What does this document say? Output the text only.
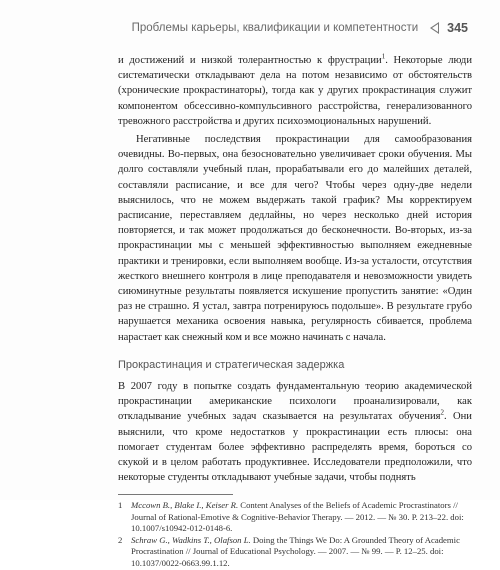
Проблемы карьеры, квалификации и компетентности 345

и достижений и низкой толерантностью к фрустрации$^1$. Некоторые люди систематически откладывают дела на потом независимо от обстоятельств (хронические прокрастинаторы), тогда как у других прокрастинация служит компонентом обсессивно-компульсивного расстройства, генерализованного тревожного расстройства и других психоэмоциональных нарушений.

Негативные последствия прокрастинации для самообразования очевидны. Во-первых, она безосновательно увеличивает сроки обучения. Мы долго составляли учебный план, прорабатывали его до малейших деталей, составляли расписание, и все для чего? Чтобы через одну-две недели выяснилось, что не можем выдержать такой график? Мы корректируем расписание, переставляем дедлайны, но через несколько дней история повторяется, и так может продолжаться до бесконечности. Во-вторых, из-за прокрастинации мы с меньшей эффективностью выполняем ежедневные практики и тренировки, если выполняем вообще. Из-за усталости, отсутствия жесткого внешнего контроля в лице преподавателя и невозможности увидеть сиюминутные результаты появляется искушение пропустить занятие: «Один раз не страшно. Я устал, завтра потренируюсь подольше». В результате грубо нарушается механика освоения навыка, регулярность сбивается, проблема нарастает как снежный ком и все можно начинать с начала.

Прокрастинация и стратегическая задержка

В 2007 году в попытке создать фундаментальную теорию академической прокрастинации американские психологи проанализировали, как откладывание учебных задач сказывается на результатах обучения$^2$. Они выяснили, что кроме недостатков у прокрастинации есть плюсы: она помогает студентам более эффективно распределять время, бороться со скукой и в целом работать продуктивнее. Исследователи предположили, что некоторые студенты откладывают учебные задачи, чтобы поднять

1 Mccown B., Blake I., Keiser R. Content Analyses of the Beliefs of Academic Procrastinators // Journal of Rational-Emotive & Cognitive-Behavior Therapy. — 2012. — № 30. P. 213–22. doi: 10.1007/s10942-012-0148-6.
2 Schraw G., Wadkins T., Olafson L. Doing the Things We Do: A Grounded Theory of Academic Procrastination // Journal of Educational Psychology. — 2007. — № 99. — P. 12–25. doi: 10.1037/0022-0663.99.1.12.
